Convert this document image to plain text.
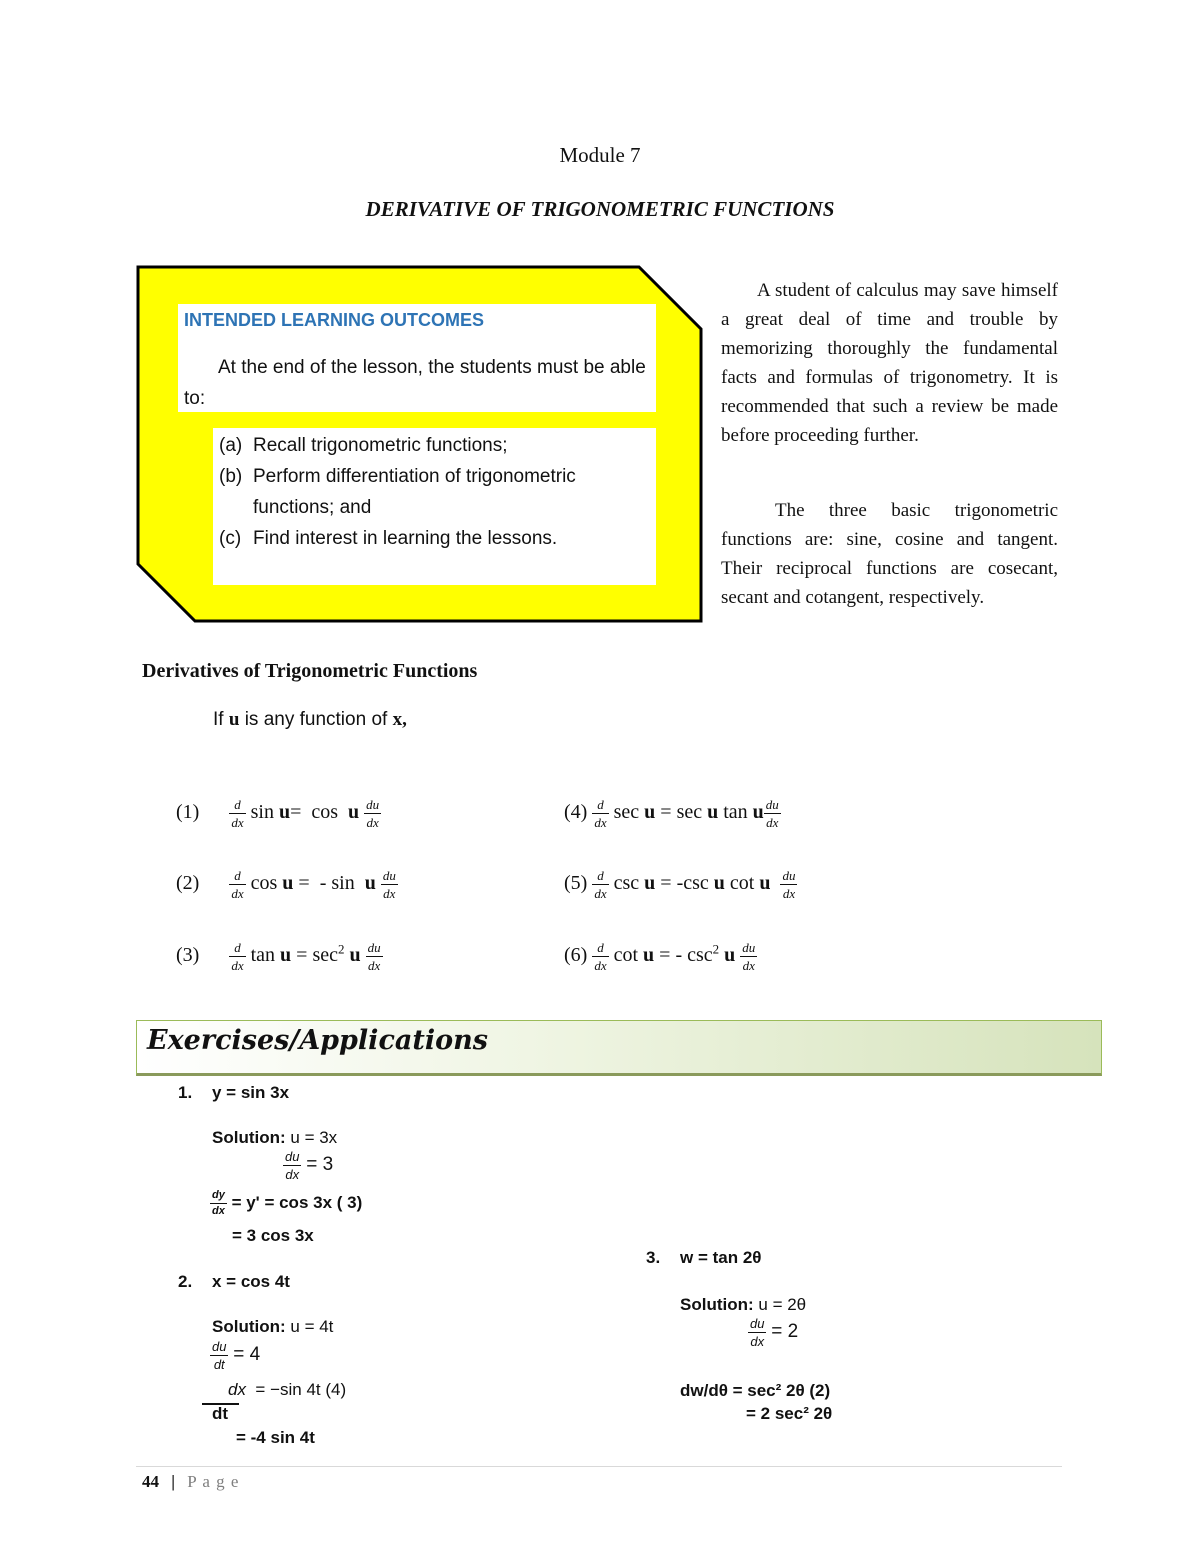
Module 7
DERIVATIVE OF TRIGONOMETRIC FUNCTIONS
INTENDED LEARNING OUTCOMES
At the end of the lesson, the students must be able to:
(a) Recall trigonometric functions;
(b) Perform differentiation of trigonometric functions; and
(c) Find interest in learning the lessons.
A student of calculus may save himself a great deal of time and trouble by memorizing thoroughly the fundamental facts and formulas of trigonometry. It is recommended that such a review be made before proceeding further.
The three basic trigonometric functions are: sine, cosine and tangent. Their reciprocal functions are cosecant, secant and cotangent, respectively.
Derivatives of Trigonometric Functions
If u is any function of x,
$(1) \frac{d}{dx}$ sin u= cos u $\frac{du}{dx}$
$(2) \frac{d}{dx}$ cos u = - sin u $\frac{du}{dx}$
$(3) \frac{d}{dx}$ $\tan u = \sec^2 u \frac{du}{dx}$
$(4) \frac{d}{dx}$ sec u = sec u tan u $\frac{du}{dx}$
$(5) \frac{d}{dx}$ csc u = -csc u cot u $\frac{du}{dx}$
$(6) \frac{d}{dx}$ cot u = - $\csc^2 u \frac{du}{dx}$
Exercises/Applications
1. y = sin 3x
Solution: u = 3x
$\frac{du}{dx} = 3$
$\frac{dy}{dx} = y' = \cos 3x$ ( 3)
= 3 cos 3x
2. x = cos 4t
Solution: u = 4t
$\frac{du}{dt} = 4$
dx = −sin 4t (4)
dt
= -4 sin 4t
3. w = tan 2θ
Solution: u = 2θ
$\frac{du}{dx} = 2$
dw/dθ = sec² 2θ (2)
= 2 sec² 2θ
44 | P a g e
